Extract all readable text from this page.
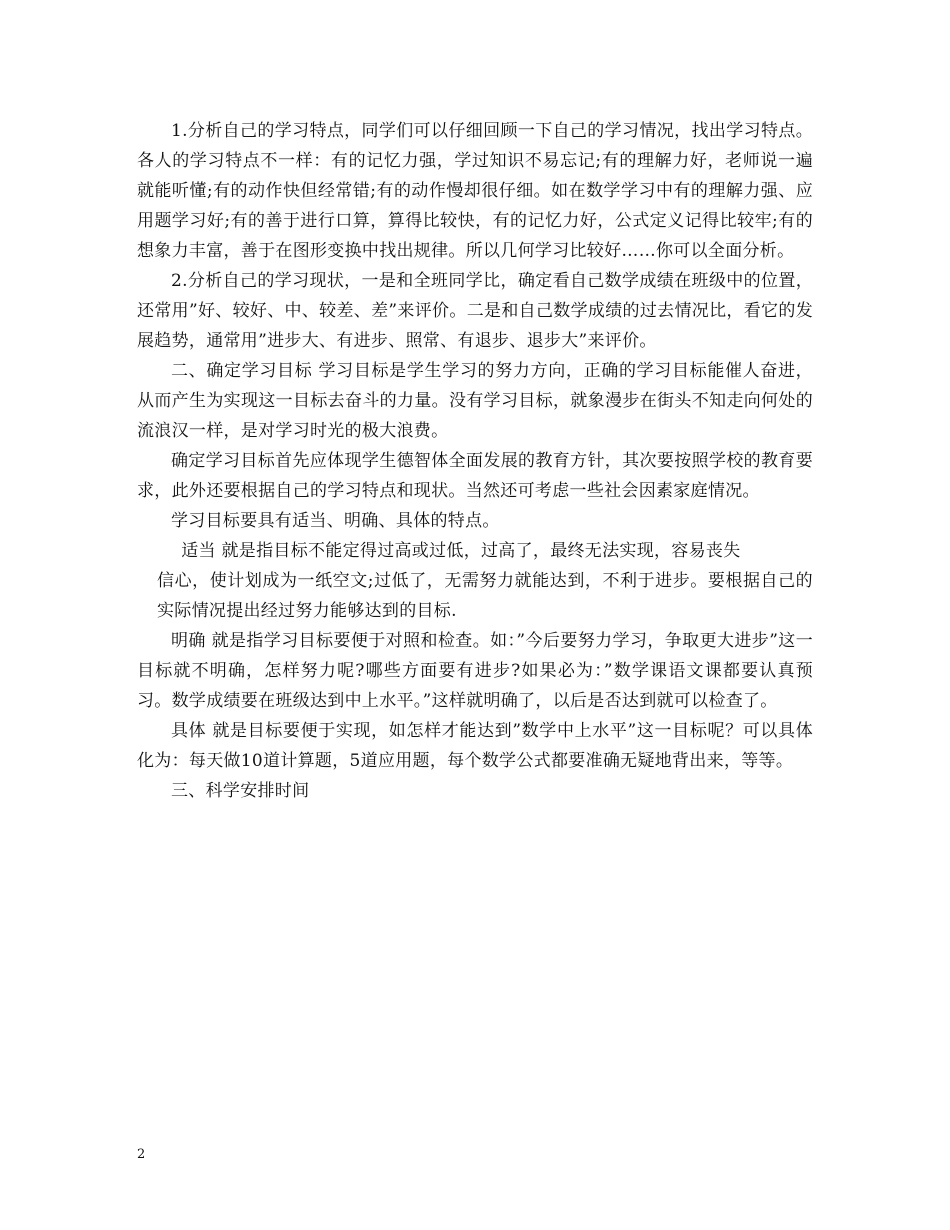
1.分析自己的学习特点，同学们可以仔细回顾一下自己的学习情况，找出学习特点。各人的学习特点不一样：有的记忆力强，学过知识不易忘记;有的理解力好，老师说一遍就能听懂;有的动作快但经常错;有的动作慢却很仔细。如在数学学习中有的理解力强、应用题学习好;有的善于进行口算，算得比较快，有的记忆力好，公式定义记得比较牢;有的想象力丰富，善于在图形变换中找出规律。所以几何学习比较好……你可以全面分析。

2.分析自己的学习现状，一是和全班同学比，确定看自己数学成绩在班级中的位置，还常用”好、较好、中、较差、差”来评价。二是和自己数学成绩的过去情况比，看它的发展趋势，通常用”进步大、有进步、照常、有退步、退步大”来评价。

二、确定学习目标 学习目标是学生学习的努力方向，正确的学习目标能催人奋进，从而产生为实现这一目标去奋斗的力量。没有学习目标，就象漫步在街头不知走向何处的流浪汉一样，是对学习时光的极大浪费。

确定学习目标首先应体现学生德智体全面发展的教育方针，其次要按照学校的教育要求，此外还要根据自己的学习特点和现状。当然还可考虑一些社会因素家庭情况。

学习目标要具有适当、明确、具体的特点。

适当 就是指目标不能定得过高或过低，过高了，最终无法实现，容易丧失

信心，使计划成为一纸空文;过低了，无需努力就能达到，不利于进步。要根据自己的实际情况提出经过努力能够达到的目标.

明确 就是指学习目标要便于对照和检查。如：”今后要努力学习，争取更大进步”这一目标就不明确，怎样努力呢?哪些方面要有进步?如果必为：”数学课语文课都要认真预习。数学成绩要在班级达到中上水平。”这样就明确了，以后是否达到就可以检查了。

具体 就是目标要便于实现，如怎样才能达到”数学中上水平”这一目标呢？可以具体化为：每天做10道计算题，5道应用题，每个数学公式都要准确无疑地背出来，等等。

三、科学安排时间

2
